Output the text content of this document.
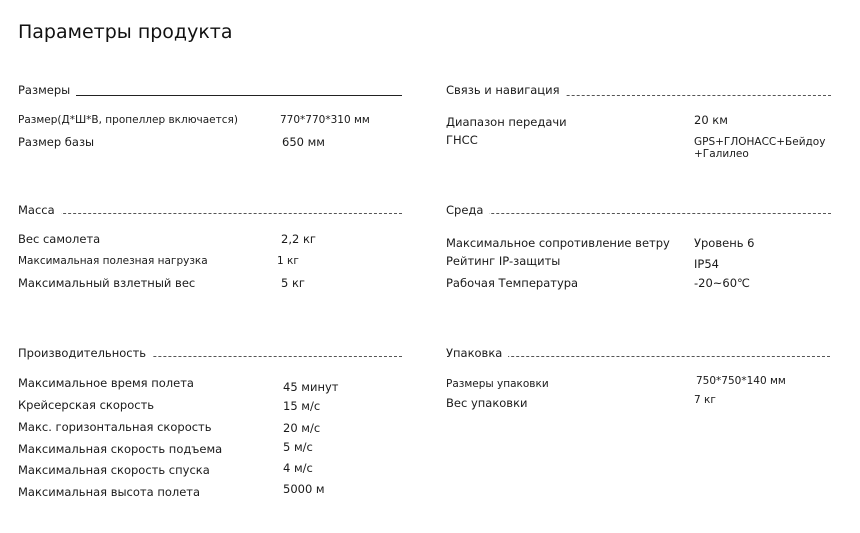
Параметры продукта
Размеры
Размер(Д*Ш*В, пропеллер включается)	770*770*310 мм
Размер базы	650 мм
Связь и навигация
Диапазон передачи	20 км
ГНСС	GPS+ГЛОНАСС+Бейдоу
+Галилео
Масса
Вес самолета	2,2 кг
Максимальная полезная нагрузка	1 кг
Максимальный взлетный вес	5 кг
Среда
Максимальное сопротивление ветру Уровень 6
Рейтинг IP-защиты	IP54
Рабочая Температура	-20~60℃
Производительность
Максимальное время полета	45 минут
Крейсерская скорость	15 м/с
Макс. горизонтальная скорость	20 м/с
Максимальная скорость подъема	5 м/с
Максимальная скорость спуска	4 м/с
Максимальная высота полета	5000 м
Упаковка
Размеры упаковки	750*750*140 мм
Вес упаковки	7 кг
